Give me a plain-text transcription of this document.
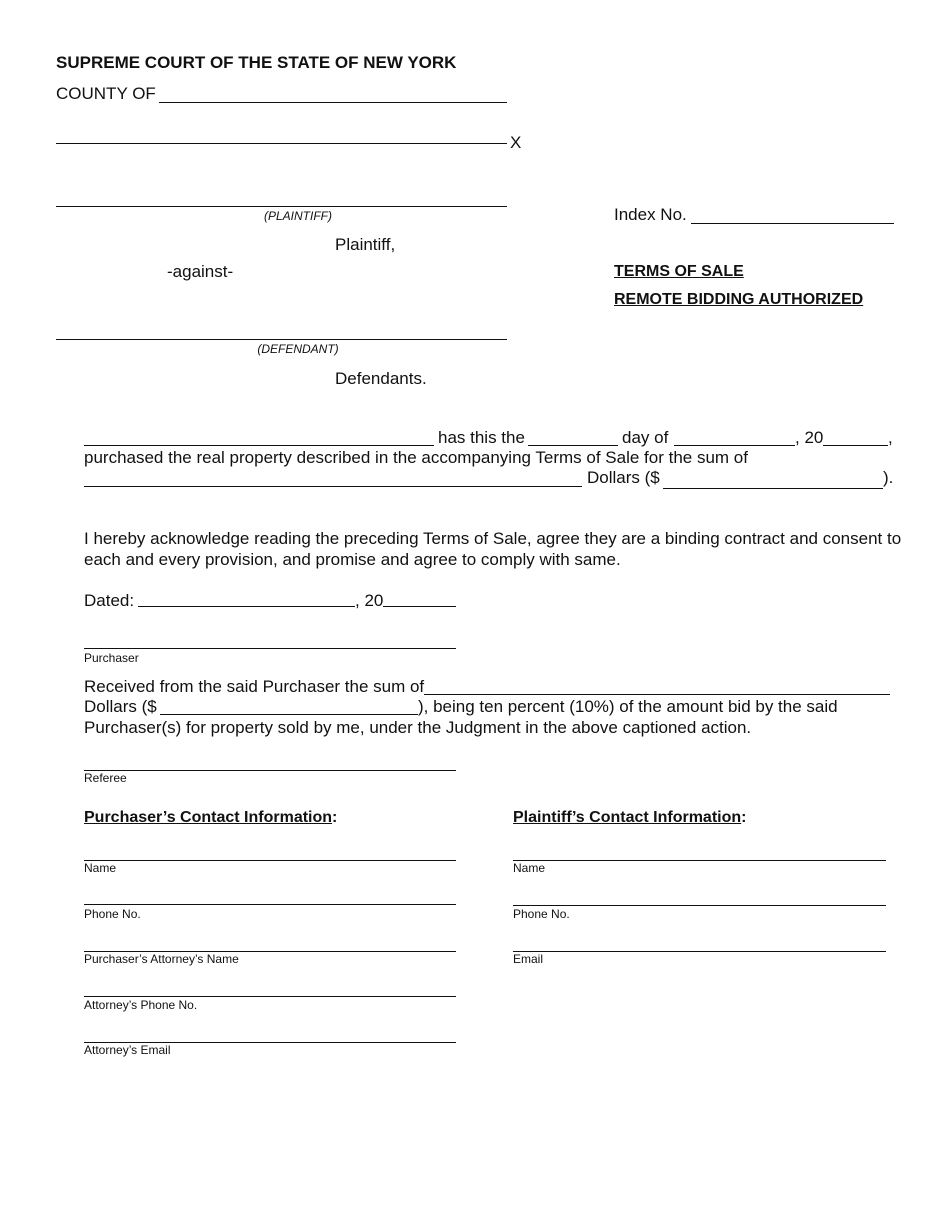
SUPREME COURT OF THE STATE OF NEW YORK
COUNTY OF
X
(PLAINTIFF)
Plaintiff,
-against-
(DEFENDANT)
Defendants.
Index No.
TERMS OF SALE
REMOTE BIDDING AUTHORIZED
has this the	day of	, 20	,
purchased the real property described in the accompanying Terms of Sale for the sum of
Dollars ($	).
I hereby acknowledge reading the preceding Terms of Sale, agree they are a binding contract and consent to
each and every provision, and promise and agree to comply with same.
Dated:	, 20
Purchaser
Received from the said Purchaser the sum of
Dollars ($	), being ten percent (10%) of the amount bid by the said
Purchaser(s) for property sold by me, under the Judgment in the above captioned action.
Referee
Purchaser’s Contact Information:	Plaintiff’s Contact Information:
Name
Phone No.
Purchaser’s Attorney’s Name
Attorney’s Phone No.
Attorney’s Email
Name
Phone No.
Email
